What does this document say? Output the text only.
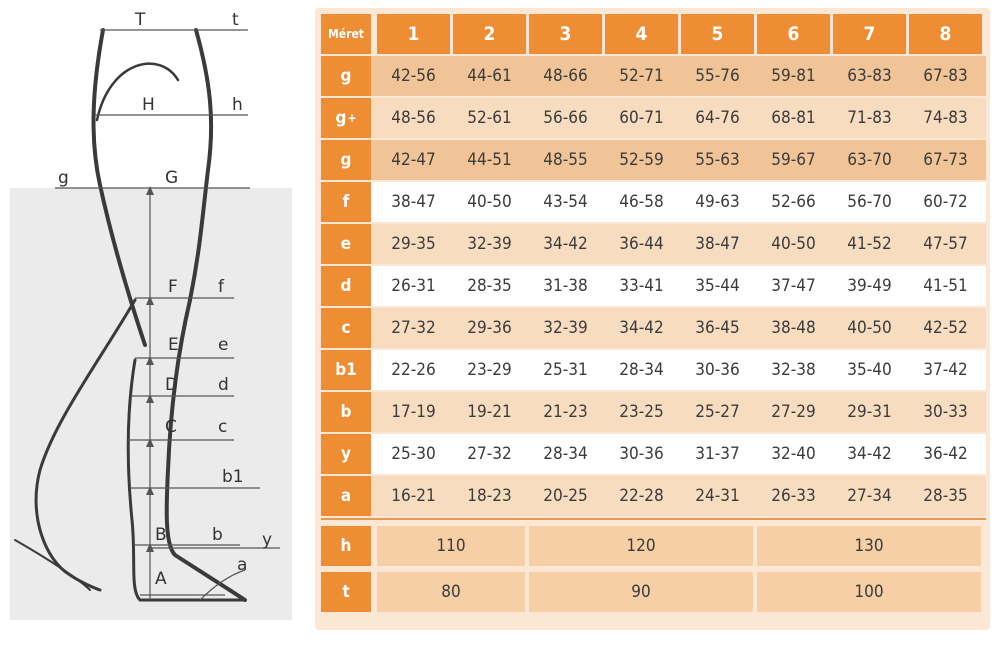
T	t
H	h
g	G
F f
E e
D d
C c
b1
B	b y
A
a
Méret	1	2	3	4	5	6	7	8
g	42-56	44-61	48-66	52-71	55-76	59-81	63-83	67-83
g +	48-56	52-61	56-66	60-71	64-76	68-81	71-83	74-83
g	42-47	44-51	48-55	52-59	55-63	59-67	63-70	67-73
f	38-47	40-50	43-54	46-58	49-63	52-66	56-70	60-72
e	29-35	32-39	34-42	36-44	38-47	40-50	41-52	47-57
d	26-31	28-35	31-38	33-41	35-44	37-47	39-49	41-51
c	27-32	29-36	32-39	34-42	36-45	38-48	40-50	42-52
b1	22-26	23-29	25-31	28-34	30-36	32-38	35-40	37-42
b	17-19	19-21	21-23	23-25	25-27	27-29	29-31	30-33
y	25-30	27-32	28-34	30-36	31-37	32-40	34-42	36-42
a	16-21	18-23	20-25	22-28	24-31	26-33	27-34	28-35
h	110	120	130
t	80	90	100
